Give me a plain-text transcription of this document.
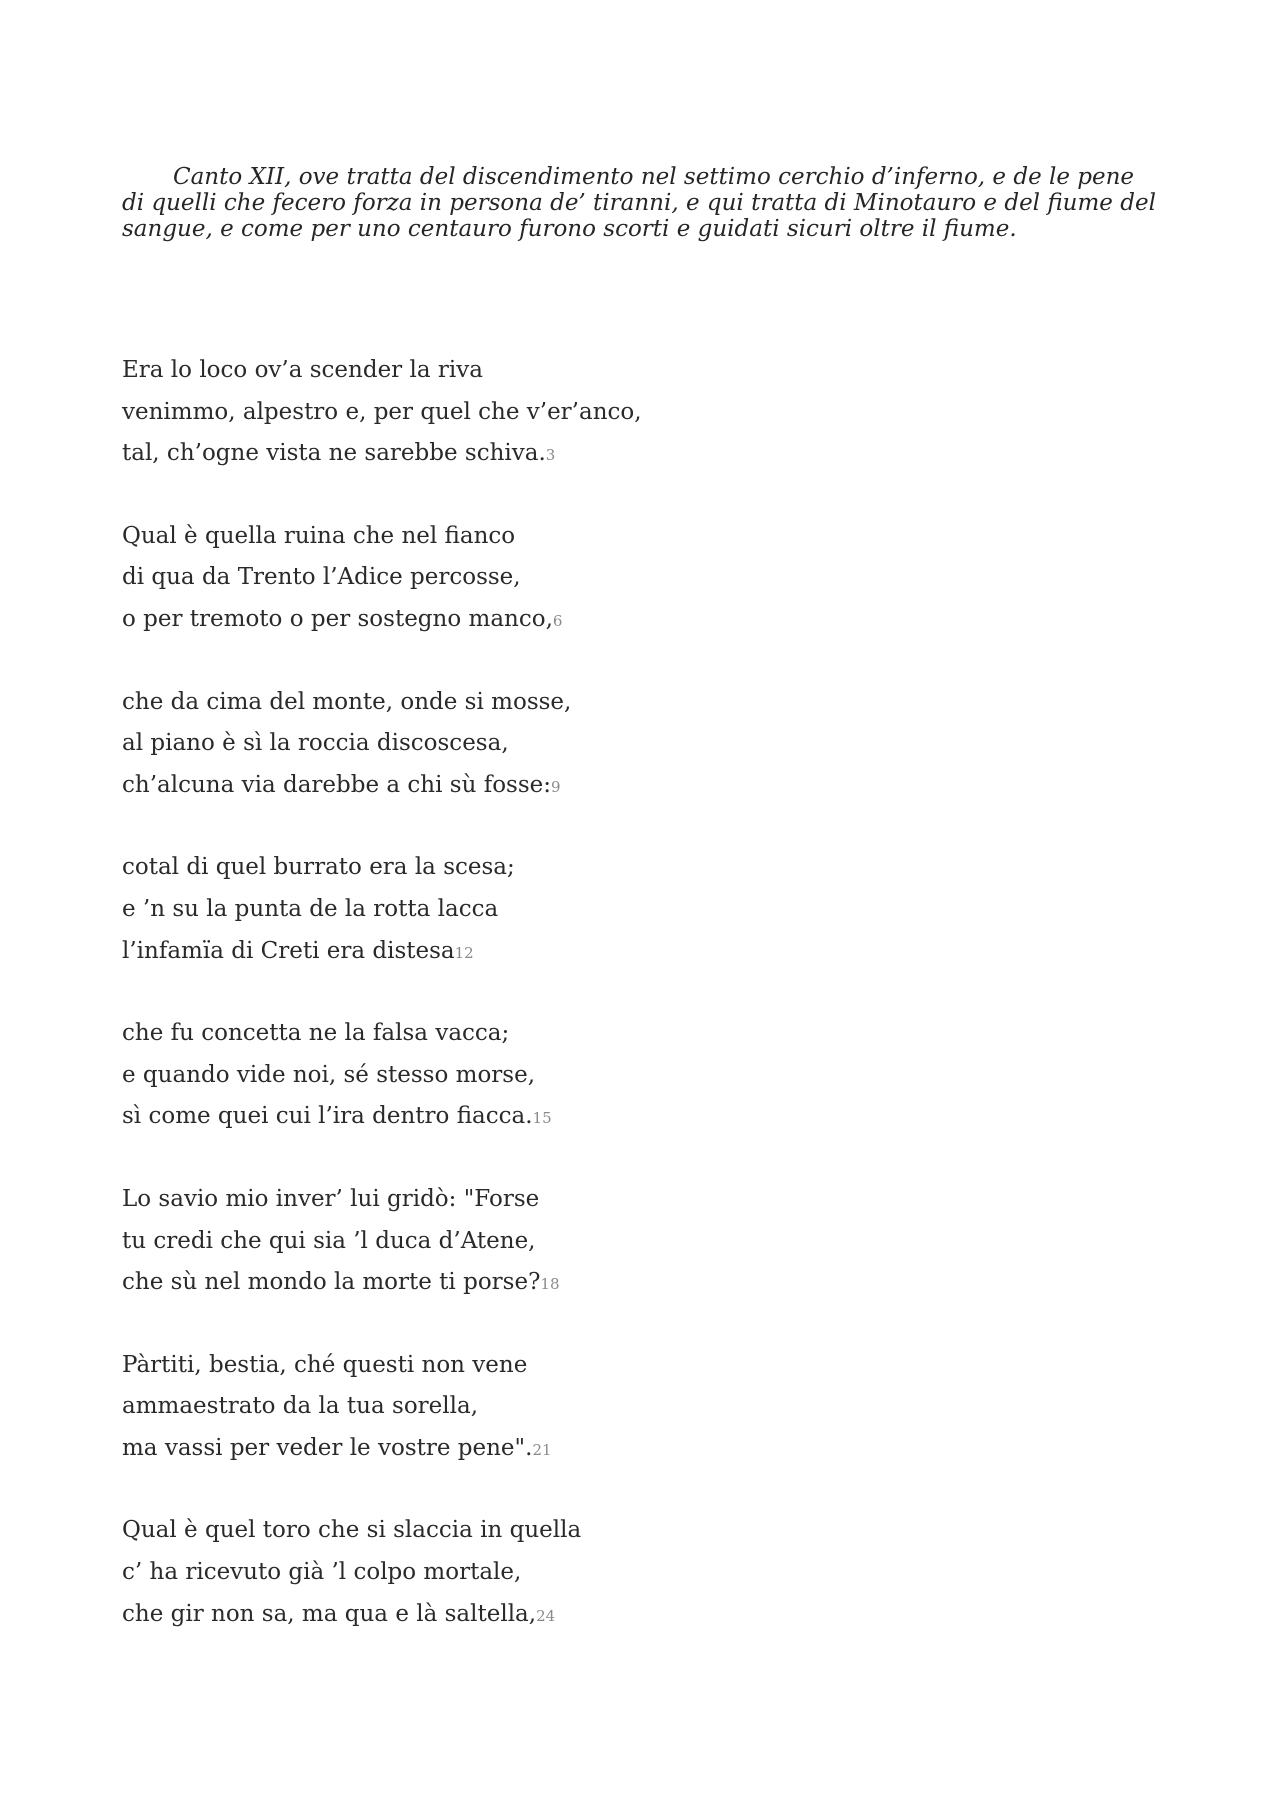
Canto XII, ove tratta del discendimento nel settimo cerchio d’inferno, e de le pene di quelli che fecero forza in persona de’ tiranni, e qui tratta di Minotauro e del fiume del sangue, e come per uno centauro furono scorti e guidati sicuri oltre il fiume.

Era lo loco ov’a scender la riva
venimmo, alpestro e, per quel che v’er’anco,
tal, ch’ogne vista ne sarebbe schiva.3
Qual è quella ruina che nel fianco
di qua da Trento l’Adice percosse,
o per tremoto o per sostegno manco,6
che da cima del monte, onde si mosse,
al piano è sì la roccia discoscesa,
ch’alcuna via darebbe a chi sù fosse:9
cotal di quel burrato era la scesa;
e ’n su la punta de la rotta lacca
l’infamïa di Creti era distesa12
che fu concetta ne la falsa vacca;
e quando vide noi, sé stesso morse,
sì come quei cui l’ira dentro fiacca.15
Lo savio mio inver’ lui gridò: "Forse
tu credi che qui sia ’l duca d’Atene,
che sù nel mondo la morte ti porse?18
Pàrtiti, bestia, ché questi non vene
ammaestrato da la tua sorella,
ma vassi per veder le vostre pene".21
Qual è quel toro che si slaccia in quella
c’ ha ricevuto già ’l colpo mortale,
che gir non sa, ma qua e là saltella,24
